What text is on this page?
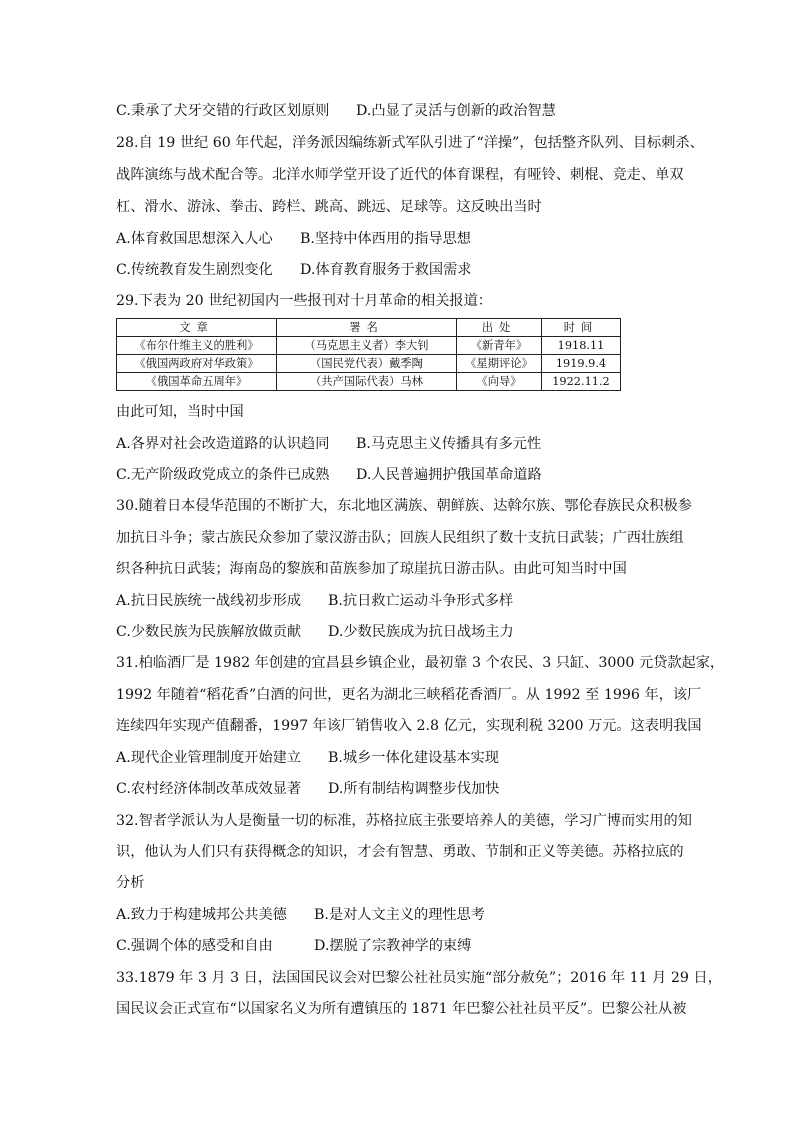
C.秉承了犬牙交错的行政区划原则 D.凸显了灵活与创新的政治智慧
28.自 19 世纪 60 年代起，洋务派因编练新式军队引进了“洋操”，包括整齐队列、目标刺杀、
战阵演练与战术配合等。北洋水师学堂开设了近代的体育课程，有哑铃、刺棍、竞走、单双
杠、滑水、游泳、拳击、跨栏、跳高、跳远、足球等。这反映出当时
A.体育救国思想深入人心 B.坚持中体西用的指导思想
C.传统教育发生剧烈变化 D.体育教育服务于救国需求
29.下表为 20 世纪初国内一些报刊对十月革命的相关报道：
文章	署名	出处	时间
《布尔什维主义的胜利》	（马克思主义者）李大钊	《新青年》	1918.11
《俄国两政府对华政策》	（国民党代表）戴季陶	《星期评论》	1919.9.4
《俄国革命五周年》	（共产国际代表）马林	《向导》	1922.11.2
由此可知，当时中国
A.各界对社会改造道路的认识趋同 B.马克思主义传播具有多元性
C.无产阶级政党成立的条件已成熟 D.人民普遍拥护俄国革命道路
30.随着日本侵华范围的不断扩大，东北地区满族、朝鲜族、达斡尔族、鄂伦春族民众积极参
加抗日斗争；蒙古族民众参加了蒙汉游击队；回族人民组织了数十支抗日武装；广西壮族组
织各种抗日武装；海南岛的黎族和苗族参加了琼崖抗日游击队。由此可知当时中国
A.抗日民族统一战线初步形成 B.抗日救亡运动斗争形式多样
C.少数民族为民族解放做贡献 D.少数民族成为抗日战场主力
31.柏临酒厂是 1982 年创建的宜昌县乡镇企业，最初靠 3 个农民、3 只缸、3000 元贷款起家，
1992 年随着“稻花香”白酒的问世，更名为湖北三峡稻花香酒厂。从 1992 至 1996 年，该厂
连续四年实现产值翻番，1997 年该厂销售收入 2.8 亿元，实现利税 3200 万元。这表明我国
A.现代企业管理制度开始建立 B.城乡一体化建设基本实现
C.农村经济体制改革成效显著 D.所有制结构调整步伐加快
32.智者学派认为人是衡量一切的标准，苏格拉底主张要培养人的美德，学习广博而实用的知
识，他认为人们只有获得概念的知识，才会有智慧、勇敢、节制和正义等美德。苏格拉底的
分析
A.致力于构建城邦公共美德 B.是对人文主义的理性思考
C.强调个体的感受和自由	D.摆脱了宗教神学的束缚
33.1879 年 3 月 3 日，法国国民议会对巴黎公社社员实施“部分赦免”；2016 年 11 月 29 日，
国民议会正式宣布“以国家名义为所有遭镇压的 1871 年巴黎公社社员平反”。巴黎公社从被
